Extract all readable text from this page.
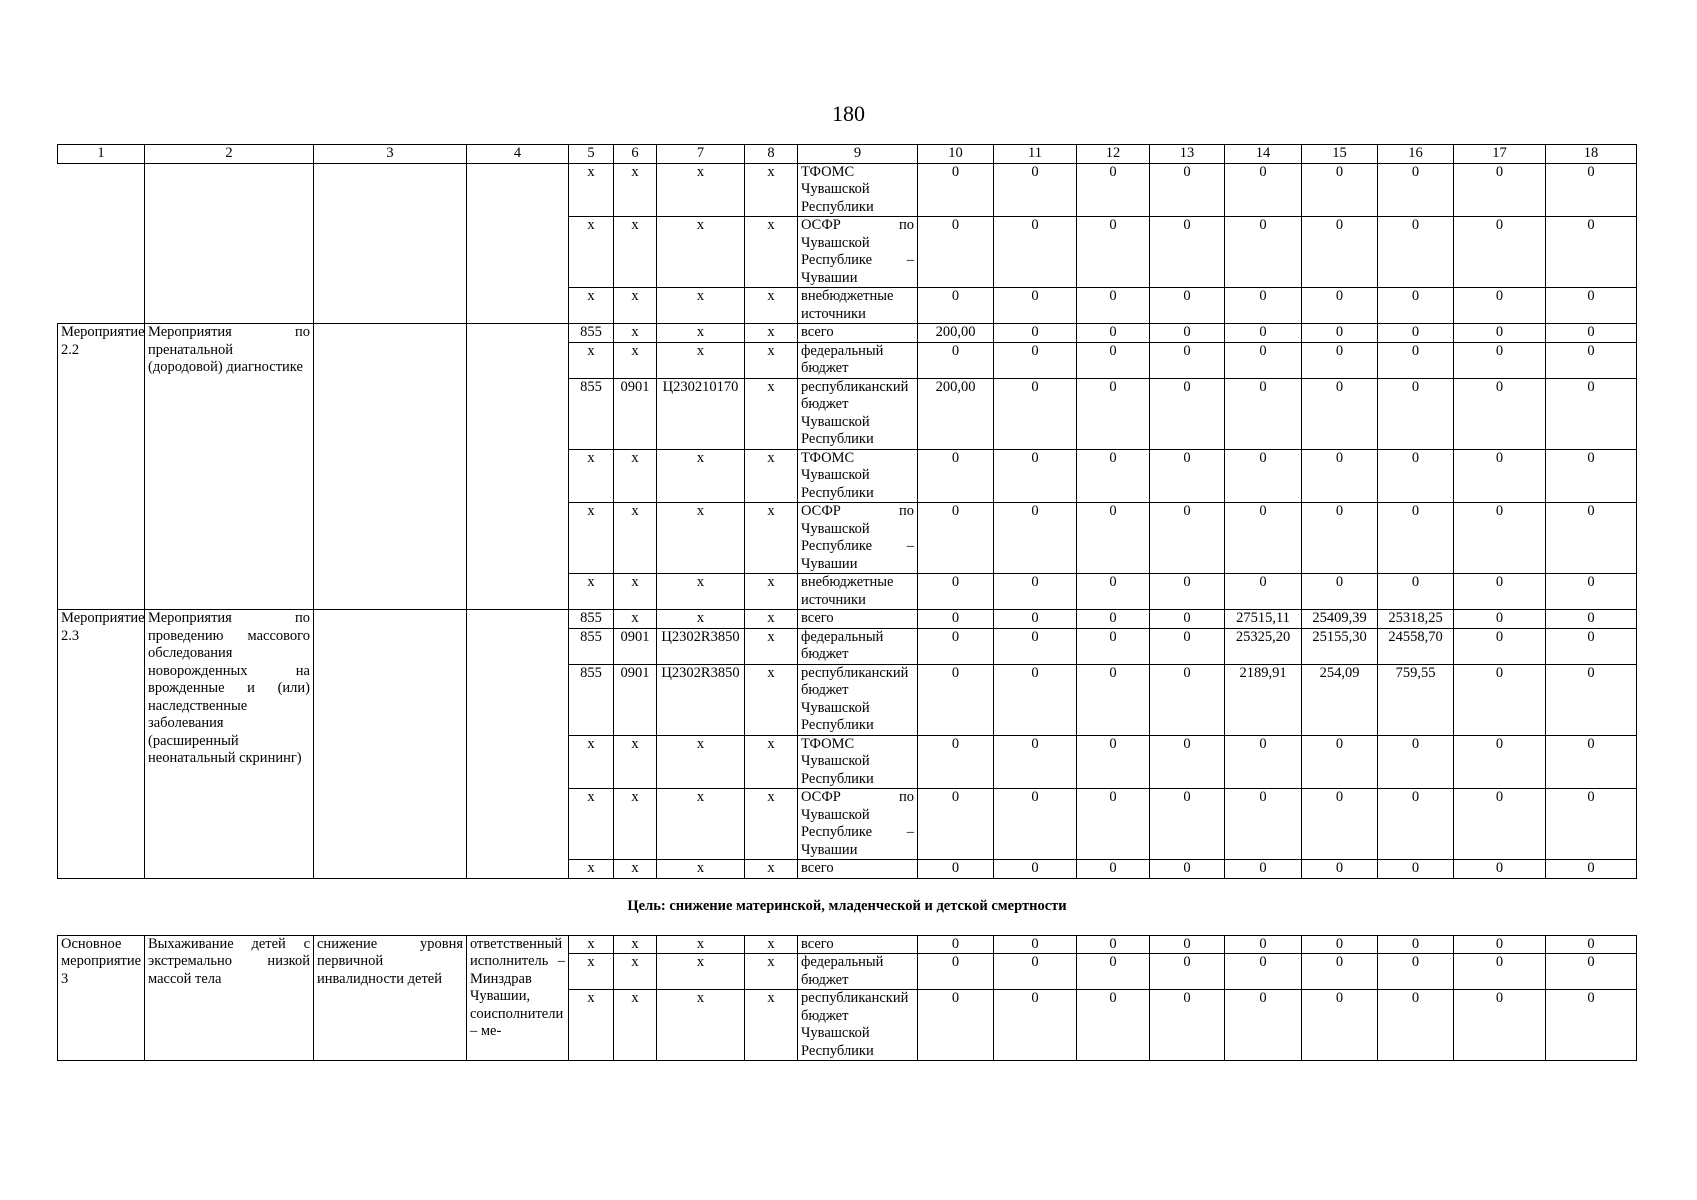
180
1	2	3	4	5	6	7	8	9	10	11	12	13	14	15	16	17	18
				x	x	x	x	ТФОМС Чувашской Республики	0	0	0	0	0	0	0	0	0
				x	x	x	x	ОСФР по Чувашской Республике – Чувашии	0	0	0	0	0	0	0	0	0
				x	x	x	x	внебюджетные источники	0	0	0	0	0	0	0	0	0
Мероприятие 2.2	Мероприятия по пренатальной (дородовой) диагностике			855	x	x	x	всего	200,00	0	0	0	0	0	0	0	0
				x	x	x	x	федеральный бюджет	0	0	0	0	0	0	0	0	0
				855	0901	Ц230210170	x	республиканский бюджет Чувашской Республики	200,00	0	0	0	0	0	0	0	0
				x	x	x	x	ТФОМС Чувашской Республики	0	0	0	0	0	0	0	0	0
				x	x	x	x	ОСФР по Чувашской Республике – Чувашии	0	0	0	0	0	0	0	0	0
				x	x	x	x	внебюджетные источники	0	0	0	0	0	0	0	0	0
Мероприятие 2.3	Мероприятия по проведению массового обследования новорожденных на врожденные и (или) наследственные заболевания (расширенный неонатальный скрининг)			855	x	x	x	всего	0	0	0	0	27515,11	25409,39	25318,25	0	0
				855	0901	Ц2302R3850	x	федеральный бюджет	0	0	0	0	25325,20	25155,30	24558,70	0	0
				855	0901	Ц2302R3850	x	республиканский бюджет Чувашской Республики	0	0	0	0	2189,91	254,09	759,55	0	0
				x	x	x	x	ТФОМС Чувашской Республики	0	0	0	0	0	0	0	0	0
				x	x	x	x	ОСФР по Чувашской Республике – Чувашии	0	0	0	0	0	0	0	0	0
				x	x	x	x	всего	0	0	0	0	0	0	0	0	0
Цель: снижение материнской, младенческой и детской смертности																	
Основное мероприятие 3	Выхаживание детей с экстремально низкой массой тела	снижение уровня первичной инвалидности детей	ответственный исполнитель – Минздрав Чувашии, соисполнители – ме-	x	x	x	x	всего	0	0	0	0	0	0	0	0	0
				x	x	x	x	федеральный бюджет	0	0	0	0	0	0	0	0	0
				x	x	x	x	республиканский бюджет Чувашской Республики	0	0	0	0	0	0	0	0	0
